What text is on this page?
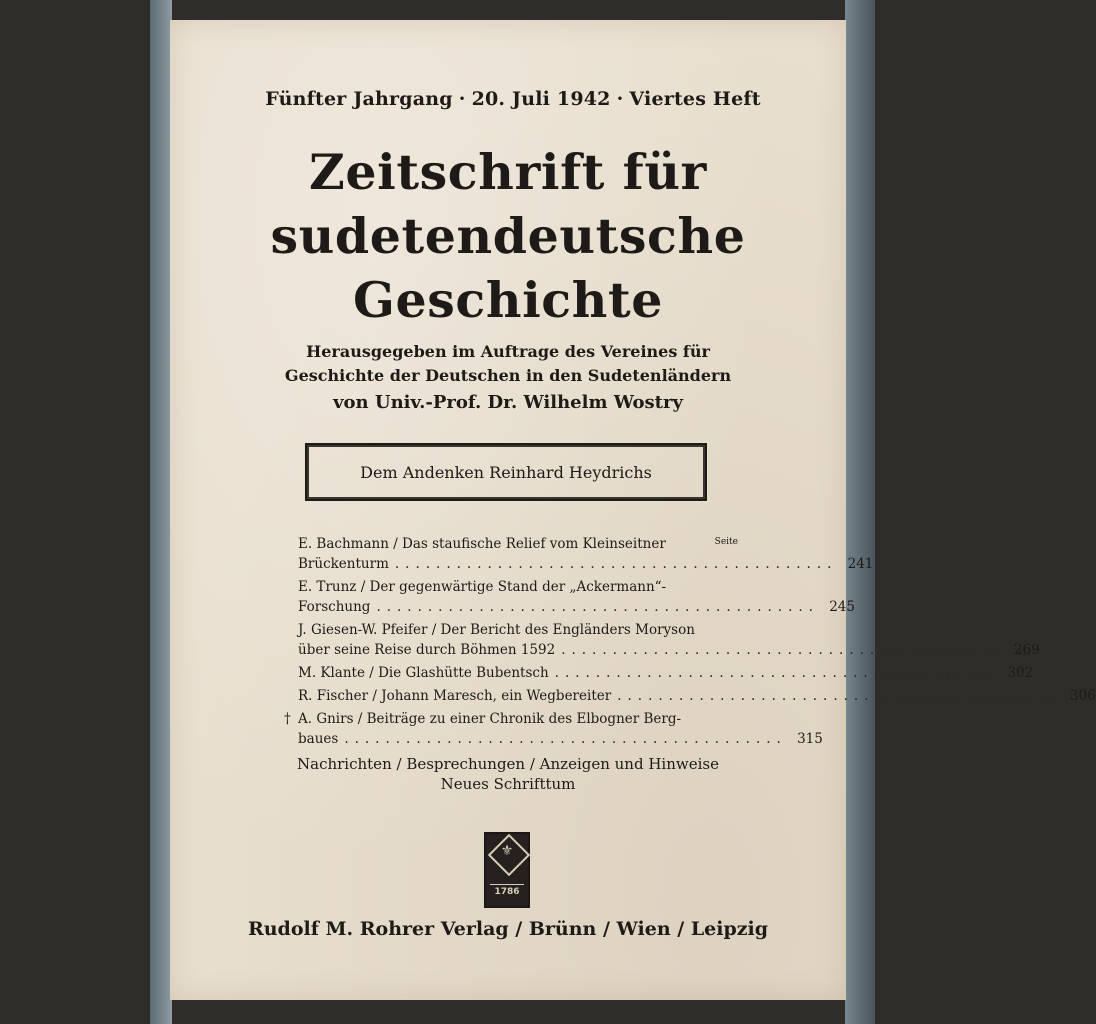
Fünfter Jahrgang · 20. Juli 1942 · Viertes Heft
Zeitschrift für
sudetendeutsche
Geschichte
Herausgegeben im Auftrage des Vereines für
Geschichte der Deutschen in den Sudetenländern
von Univ.-Prof. Dr. Wilhelm Wostry
Dem Andenken Reinhard Heydrichs
Seite
E. Bachmann / Das staufische Relief vom Kleinseitner
Brückenturm ........................................... 241
E. Trunz / Der gegenwärtige Stand der „Ackermann“-
Forschung ........................................... 245
J. Giesen-W. Pfeifer / Der Bericht des Engländers Moryson
über seine Reise durch Böhmen 1592 ........................................... 269
M. Klante / Die Glashütte Bubentsch ........................................... 302
R. Fischer / Johann Maresch, ein Wegbereiter ........................................... 306
† A. Gnirs / Beiträge zu einer Chronik des Elbogner Berg-
baues ........................................... 315
Nachrichten / Besprechungen / Anzeigen und Hinweise
Neues Schrifttum
⚜
1786
Rudolf M. Rohrer Verlag / Brünn / Wien / Leipzig
